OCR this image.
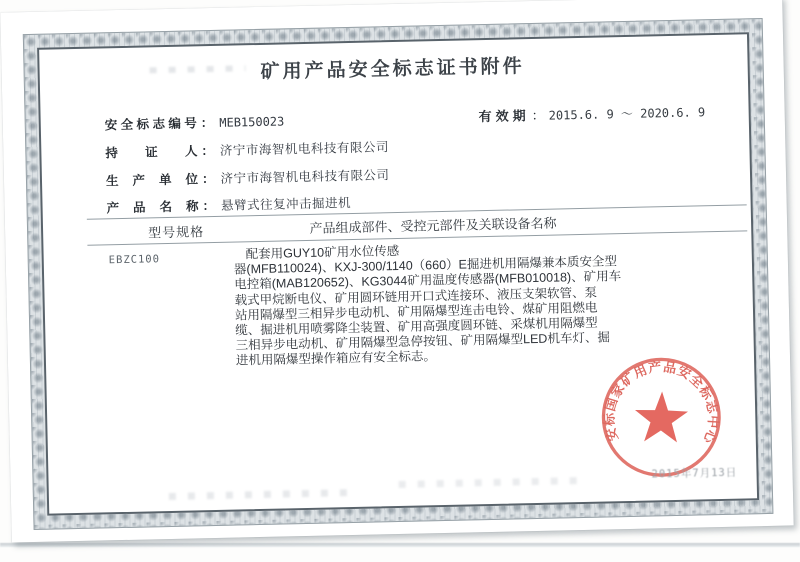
矿用产品安全标志证书附件
有效期 ： 2015.6. 9 ～ 2020.6. 9
安全标志编号 ： MEB150023
持证人 ： 济宁市海智机电科技有限公司
生产单位 ： 济宁市海智机电科技有限公司
产品名称 ： 悬臂式往复冲击掘进机
型号规格	产品组成部件、受控元部件及关联设备名称
EBZC100	配套用GUY10矿用水位传感
器(MFB110024)、KXJ-300/1140（660）E掘进机用隔爆兼本质安全型
电控箱(MAB120652)、KG3044矿用温度传感器(MFB010018)、矿用车
载式甲烷断电仪、矿用圆环链用开口式连接环、液压支架软管、泵
站用隔爆型三相异步电动机、矿用隔爆型连击电铃、煤矿用阻燃电
缆、掘进机用喷雾降尘装置、矿用高强度圆环链、采煤机用隔爆型
三相异步电动机、矿用隔爆型急停按钮、矿用隔爆型LED机车灯、掘
进机用隔爆型操作箱应有安全标志。
安标国家矿用产品安全标志中心
2015年7月13日
